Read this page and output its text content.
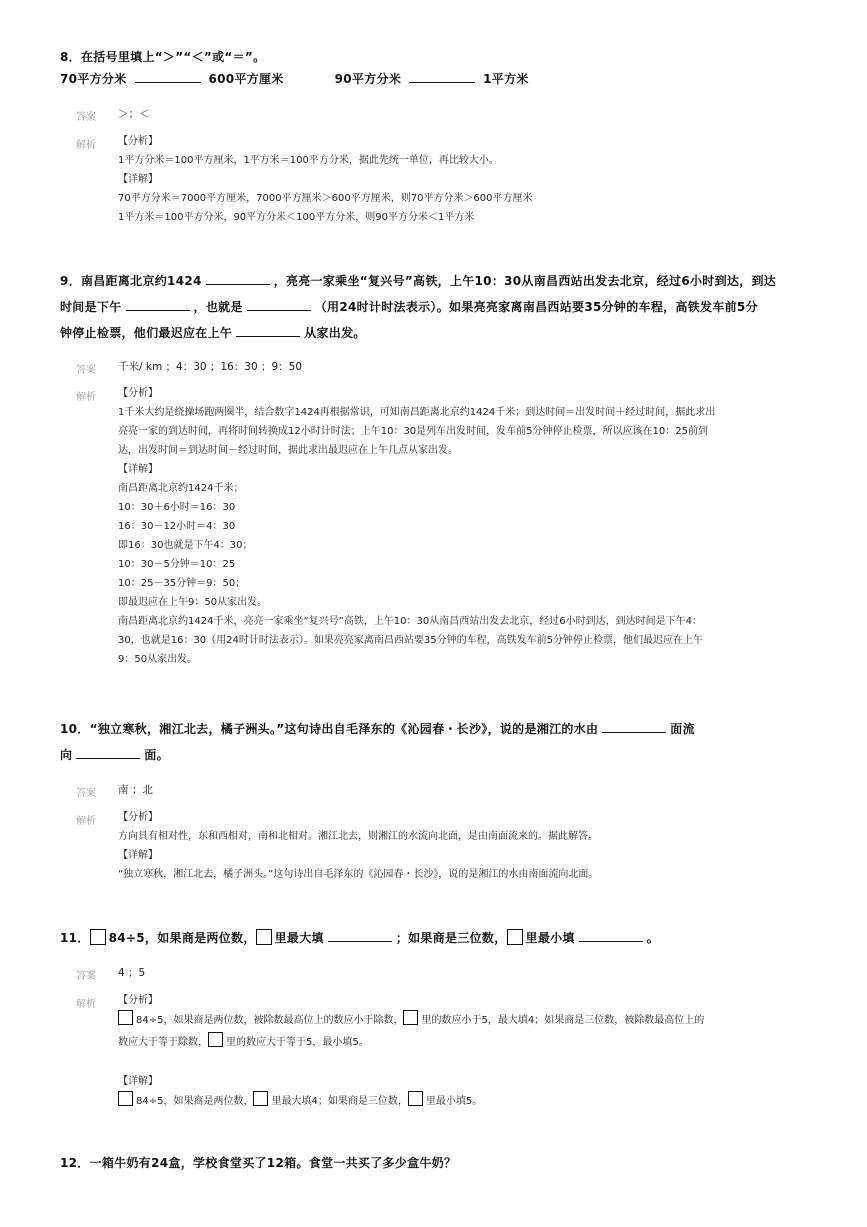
8．在括号里填上“＞”“＜”或“＝”。
70平方分米	600平方厘米	90平方分米	1平方米
答案 ＞；＜
解析 【分析】

1平方分米＝100平方厘米，1平方米＝100平方分米，据此先统一单位，再比较大小。

【详解】

70平方分米＝7000平方厘米，7000平方厘米＞600平方厘米，则70平方分米＞600平方厘米

1平方米＝100平方分米，90平方分米＜100平方分米，则90平方分米＜1平方米

9．南昌距离北京约1424	，亮亮一家乘坐“复兴号”高铁，上午10：30从南昌西站出发去北京，经过6小时到达，到达
时间是下午	，也就是	（用24时计时法表示）。如果亮亮家离南昌西站要35分钟的车程，高铁发车前5分
钟停止检票，他们最迟应在上午	从家出发。
答案 千米/ km ；4：30 ；16：30 ；9：50
解析 【分析】

1千米大约是绕操场跑两圈半，结合数字1424再根据常识，可知南昌距离北京约1424千米；到达时间＝出发时间＋经过时间，据此求出

亮亮一家的到达时间，再将时间转换成12小时计时法；上午10：30是列车出发时间，发车前5分钟停止检票，所以应该在10：25前到

达，出发时间＝到达时间－经过时间，据此求出最迟应在上午几点从家出发。

【详解】

南昌距离北京约1424千米；

10：30＋6小时＝16：30

16：30－12小时＝4：30

即16：30也就是下午4：30；

10：30－5分钟＝10：25

10：25－35分钟＝9：50；

即最迟应在上午9：50从家出发。

南昌距离北京约1424千米，亮亮一家乘坐“复兴号”高铁，上午10：30从南昌西站出发去北京，经过6小时到达，到达时间是下午4：

30，也就是16：30（用24时计时法表示）。如果亮亮家离南昌西站要35分钟的车程，高铁发车前5分钟停止检票，他们最迟应在上午

9：50从家出发。

10．“独立寒秋，湘江北去，橘子洲头。”这句诗出自毛泽东的《沁园春・长沙》，说的是湘江的水由	面流
向	面。
答案 南 ；北
解析 【分析】

方向具有相对性，东和西相对，南和北相对。湘江北去，则湘江的水流向北面，是由南面流来的。据此解答。

【详解】

“独立寒秋，湘江北去，橘子洲头。”这句诗出自毛泽东的《沁园春・长沙》，说的是湘江的水由南面流向北面。

11． 84÷5，如果商是两位数， 里最大填	；如果商是三位数， 里最小填	。
答案 4 ；5
解析 【分析】

84÷5，如果商是两位数，被除数最高位上的数应小于除数， 里的数应小于5，最大填4；如果商是三位数，被除数最高位上的

数应大于等于除数， 里的数应大于等于5，最小填5。

【详解】

84÷5，如果商是两位数， 里最大填4；如果商是三位数， 里最小填5。

12．一箱牛奶有24盒，学校食堂买了12箱。食堂一共买了多少盒牛奶？
